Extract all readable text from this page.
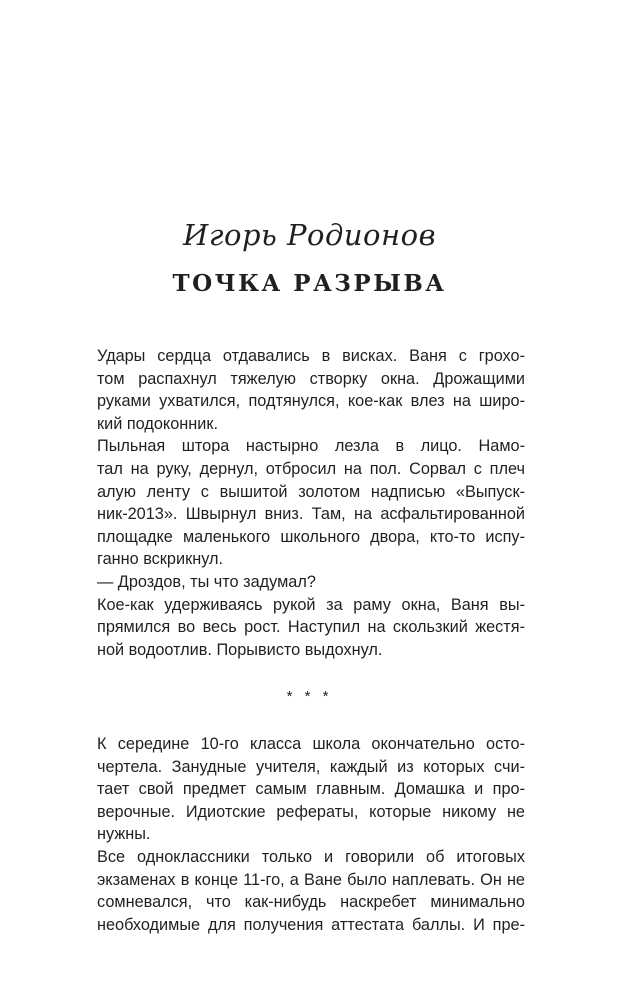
Игорь Родионов
ТОЧКА РАЗРЫВА
Удары сердца отдавались в висках. Ваня с грохо-
том распахнул тяжелую створку окна. Дрожащими
руками ухватился, подтянулся, кое-как влез на широ-
кий подоконник.
Пыльная штора настырно лезла в лицо. Намо-
тал на руку, дернул, отбросил на пол. Сорвал с плеч
алую ленту с вышитой золотом надписью «Выпуск-
ник-2013». Швырнул вниз. Там, на асфальтированной
площадке маленького школьного двора, кто-то испу-
ганно вскрикнул.
— Дроздов, ты что задумал?
Кое-как удерживаясь рукой за раму окна, Ваня вы-
прямился во весь рост. Наступил на скользкий жестя-
ной водоотлив. Порывисто выдохнул.
* * *
К середине 10-го класса школа окончательно осто-
чертела. Занудные учителя, каждый из которых счи-
тает свой предмет самым главным. Домашка и про-
верочные. Идиотские рефераты, которые никому не
нужны.
Все одноклассники только и говорили об итоговых
экзаменах в конце 11-го, а Ване было наплевать. Он не
сомневался, что как-нибудь наскребет минимально
необходимые для получения аттестата баллы. И пре-
